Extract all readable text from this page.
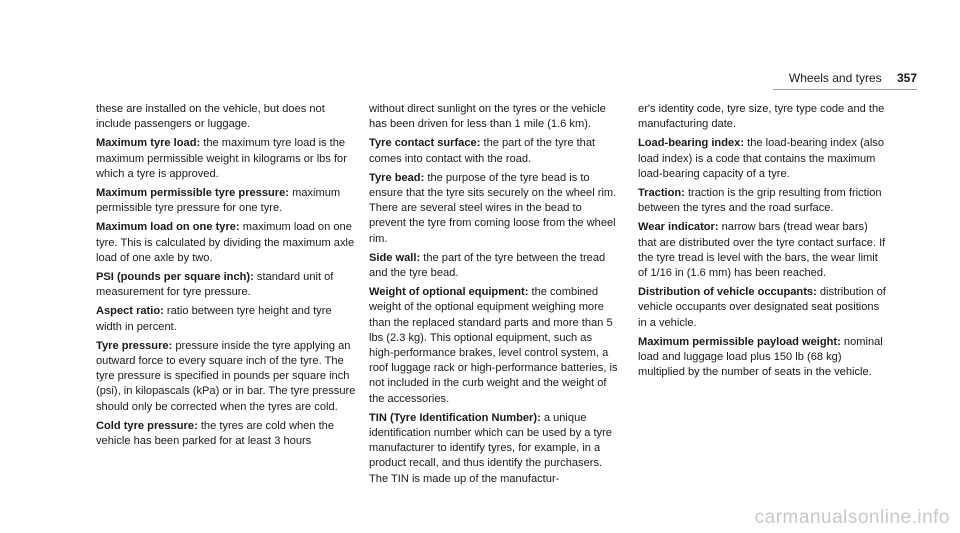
Wheels and tyres 357

these are installed on the vehicle, but does not include passengers or luggage.

Maximum tyre load : the maximum tyre load is the maximum permissible weight in kilograms or lbs for which a tyre is approved.

Maximum permissible tyre pressure : maximum permissible tyre pressure for one tyre.

Maximum load on one tyre : maximum load on one tyre. This is calculated by dividing the maximum axle load of one axle by two.

PSI (pounds per square inch) : standard unit of measurement for tyre pressure.

Aspect ratio : ratio between tyre height and tyre width in percent.

Tyre pressure : pressure inside the tyre applying an outward force to every square inch of the tyre. The tyre pressure is specified in pounds per square inch (psi), in kilopascals (kPa) or in bar. The tyre pressure should only be corrected when the tyres are cold.

Cold tyre pressure : the tyres are cold when the vehicle has been parked for at least 3 hours

without direct sunlight on the tyres or the vehicle has been driven for less than 1 mile (1.6 km).

Tyre contact surface : the part of the tyre that comes into contact with the road.

Tyre bead : the purpose of the tyre bead is to ensure that the tyre sits securely on the wheel rim. There are several steel wires in the bead to prevent the tyre from coming loose from the wheel rim.

Side wall : the part of the tyre between the tread and the tyre bead.

Weight of optional equipment : the combined weight of the optional equipment weighing more than the replaced standard parts and more than 5 lbs (2.3 kg). This optional equipment, such as high-performance brakes, level control system, a roof luggage rack or high-performance batteries, is not included in the curb weight and the weight of the accessories.

TIN (Tyre Identification Number) : a unique identification number which can be used by a tyre manufacturer to identify tyres, for example, in a product recall, and thus identify the purchasers. The TIN is made up of the manufactur-

er's identity code, tyre size, tyre type code and the manufacturing date.

Load-bearing index : the load-bearing index (also load index) is a code that contains the maximum load-bearing capacity of a tyre.

Traction : traction is the grip resulting from friction between the tyres and the road surface.

Wear indicator : narrow bars (tread wear bars) that are distributed over the tyre contact surface. If the tyre tread is level with the bars, the wear limit of 1/16 in (1.6 mm) has been reached.

Distribution of vehicle occupants : distribution of vehicle occupants over designated seat positions in a vehicle.

Maximum permissible payload weight : nominal load and luggage load plus 150 lb (68 kg) multiplied by the number of seats in the vehicle.

carmanualsonline.info
